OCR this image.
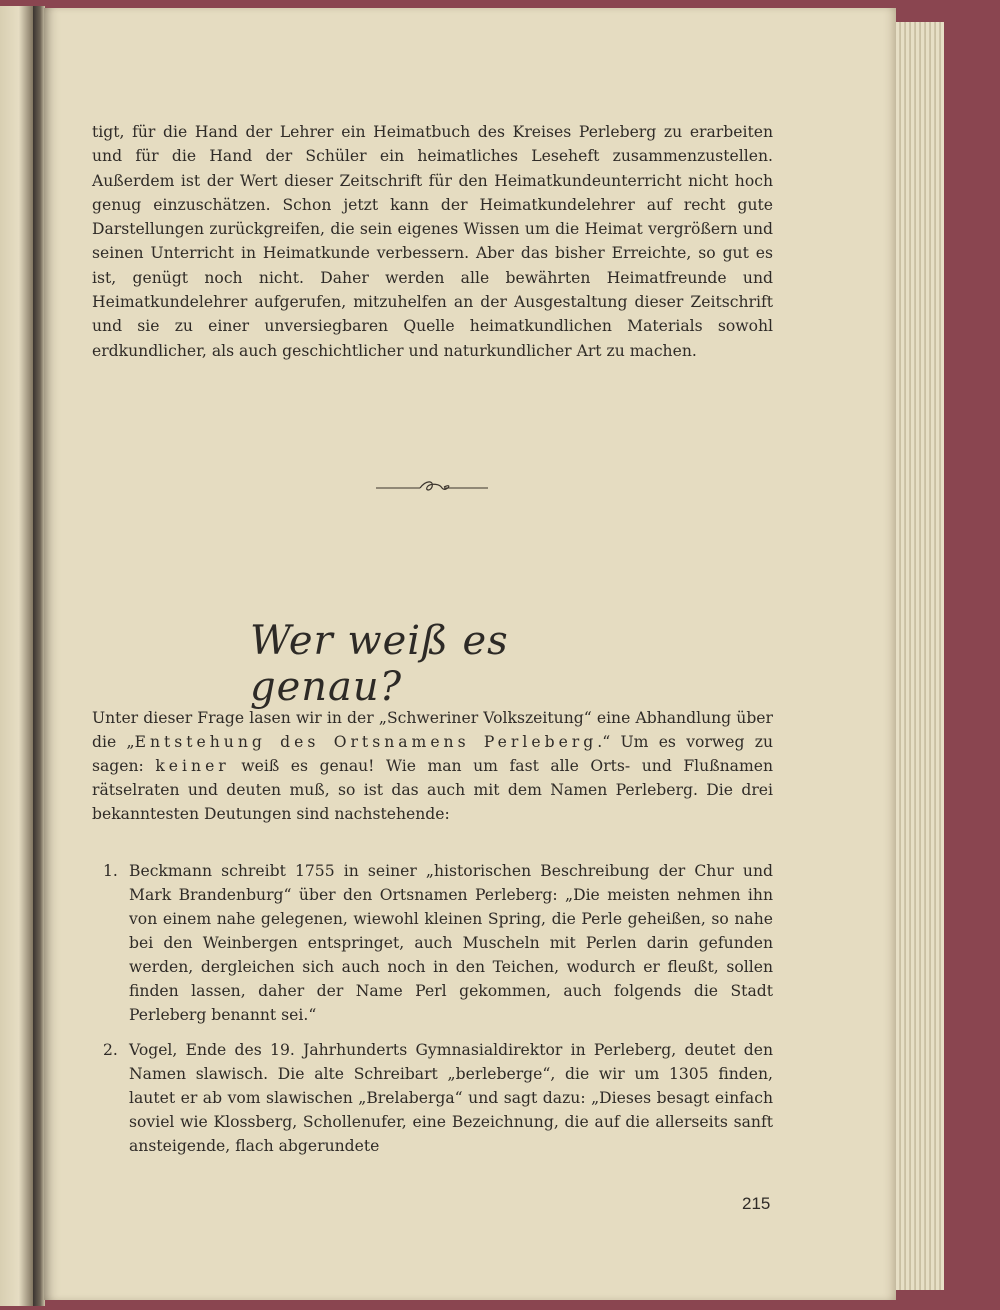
tigt, für die Hand der Lehrer ein Heimatbuch des Kreises Perleberg zu erarbeiten und für die Hand der Schüler ein heimatliches Leseheft zusammenzustellen. Außerdem ist der Wert dieser Zeitschrift für den Heimatkundeunterricht nicht hoch genug einzuschätzen. Schon jetzt kann der Heimatkundelehrer auf recht gute Darstellungen zurückgreifen, die sein eigenes Wissen um die Heimat vergrößern und seinen Unterricht in Heimatkunde verbessern. Aber das bisher Erreichte, so gut es ist, genügt noch nicht. Daher werden alle bewährten Heimatfreunde und Heimatkundelehrer aufgerufen, mitzuhelfen an der Ausgestaltung dieser Zeitschrift und sie zu einer unversiegbaren Quelle heimatkundlichen Materials sowohl erdkundlicher, als auch geschichtlicher und naturkundlicher Art zu machen.
Wer weiß es genau?
Unter dieser Frage lasen wir in der „Schweriner Volkszeitung“ eine Abhandlung über die „Entstehung des Ortsnamens Perleberg.“ Um es vorweg zu sagen: keiner weiß es genau! Wie man um fast alle Orts- und Flußnamen rätselraten und deuten muß, so ist das auch mit dem Namen Perleberg. Die drei bekanntesten Deutungen sind nachstehende:
1. Beckmann schreibt 1755 in seiner „historischen Beschreibung der Chur und Mark Brandenburg“ über den Ortsnamen Perleberg: „Die meisten nehmen ihn von einem nahe gelegenen, wiewohl kleinen Spring, die Perle geheißen, so nahe bei den Weinbergen entspringet, auch Muscheln mit Perlen darin gefunden werden, dergleichen sich auch noch in den Teichen, wodurch er fleußt, sollen finden lassen, daher der Name Perl gekommen, auch folgends die Stadt Perleberg benannt sei.“
2. Vogel, Ende des 19. Jahrhunderts Gymnasialdirektor in Perleberg, deutet den Namen slawisch. Die alte Schreibart „berleberge“, die wir um 1305 finden, lautet er ab vom slawischen „Brelaberga“ und sagt dazu: „Dieses besagt einfach soviel wie Klossberg, Schollenufer, eine Bezeichnung, die auf die allerseits sanft ansteigende, flach abgerundete
215
